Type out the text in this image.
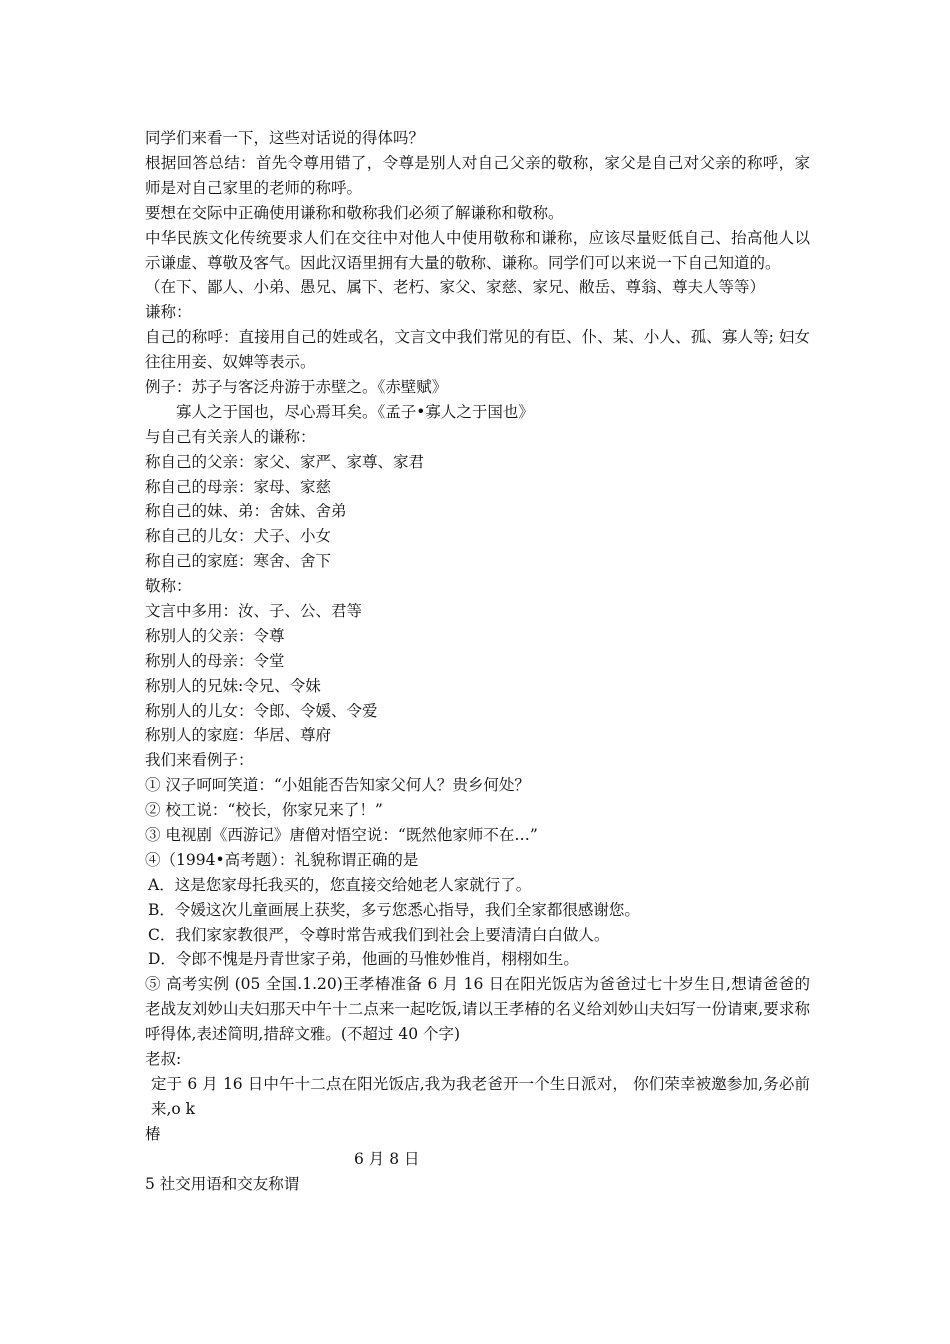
同学们来看一下，这些对话说的得体吗？
根据回答总结：首先令尊用错了，令尊是别人对自己父亲的敬称，家父是自己对父亲的称呼，家师是对自己家里的老师的称呼。
要想在交际中正确使用谦称和敬称我们必须了解谦称和敬称。
中华民族文化传统要求人们在交往中对他人中使用敬称和谦称，应该尽量贬低自己、抬高他人以示谦虚、尊敬及客气。因此汉语里拥有大量的敬称、谦称。同学们可以来说一下自己知道的。
（在下、鄙人、小弟、愚兄、属下、老朽、家父、家慈、家兄、敝岳、尊翁、尊夫人等等）
谦称：
自己的称呼：直接用自己的姓或名，文言文中我们常见的有臣、仆、某、小人、孤、寡人等; 妇女往往用妾、奴婢等表示。
例子：苏子与客泛舟游于赤壁之。《赤壁赋》
寡人之于国也，尽心焉耳矣。《孟子•寡人之于国也》
与自己有关亲人的谦称：
称自己的父亲：家父、家严、家尊、家君
称自己的母亲：家母、家慈
称自己的妹、弟：舍妹、舍弟
称自己的儿女：犬子、小女
称自己的家庭：寒舍、舍下
敬称：
文言中多用：汝、子、公、君等
称别人的父亲：令尊
称别人的母亲：令堂
称别人的兄妹:令兄、令妹
称别人的儿女：令郎、令媛、令爱
称别人的家庭：华居、尊府
我们来看例子：
① 汉子呵呵笑道：“小姐能否告知家父何人？贵乡何处？
② 校工说：“校长，你家兄来了！”
③ 电视剧《西游记》唐僧对悟空说：“既然他家师不在…”
④（1994•高考题）：礼貌称谓正确的是
A．这是您家母托我买的，您直接交给她老人家就行了。
B．令媛这次儿童画展上获奖，多亏您悉心指导，我们全家都很感谢您。
C．我们家家教很严，令尊时常告戒我们到社会上要清清白白做人。
D．令郎不愧是丹青世家子弟，他画的马惟妙惟肖，栩栩如生。
⑤ 高考实例 (05 全国.1.20)王孝椿准备 6 月 16 日在阳光饭店为爸爸过七十岁生日,想请爸爸的老战友刘妙山夫妇那天中午十二点来一起吃饭,请以王孝椿的名义给刘妙山夫妇写一份请柬,要求称呼得体,表述简明,措辞文雅。(不超过 40 个字)
老叔:
定于 6 月 16 日中午十二点在阳光饭店,我为我老爸开一个生日派对， 你们荣幸被邀参加,务必前来,o k
椿
6 月 8 日
5 社交用语和交友称谓
